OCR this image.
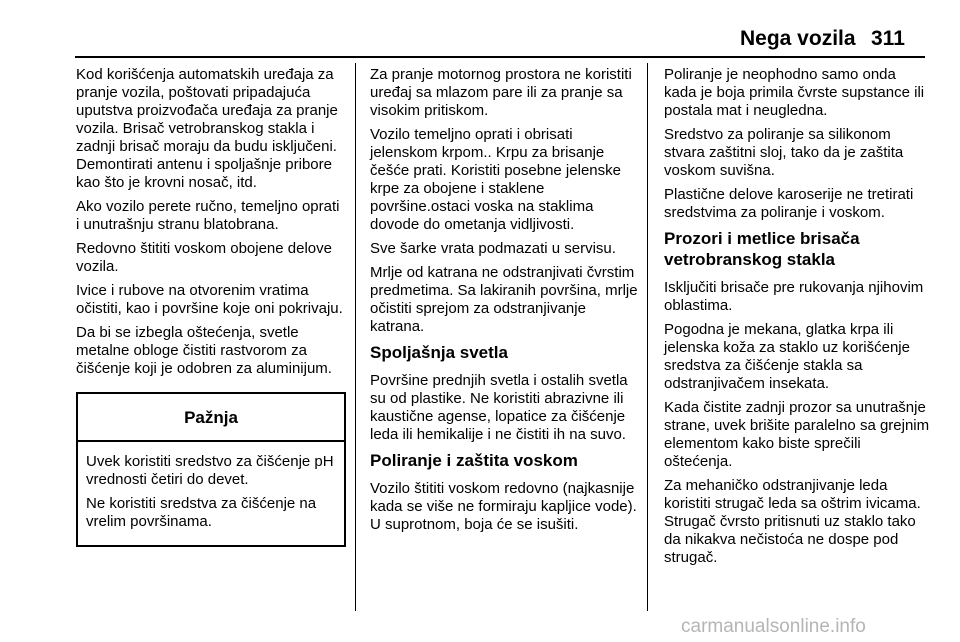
Nega vozila 311

Kod korišćenja automatskih uređaja za pranje vozila, poštovati pripadajuća uputstva proizvođača uređaja za pranje vozila. Brisač vetrobranskog stakla i zadnji brisač moraju da budu isključeni. Demontirati antenu i spoljašnje pribore kao što je krovni nosač, itd.

Ako vozilo perete ručno, temeljno oprati i unutrašnju stranu blatobrana.

Redovno štititi voskom obojene delove vozila.

Ivice i rubove na otvorenim vratima očistiti, kao i površine koje oni pokrivaju.

Da bi se izbegla oštećenja, svetle metalne obloge čistiti rastvorom za čišćenje koji je odobren za aluminijum.

Pažnja

Uvek koristiti sredstvo za čišćenje pH vrednosti četiri do devet.

Ne koristiti sredstva za čišćenje na vrelim površinama.

Za pranje motornog prostora ne koristiti uređaj sa mlazom pare ili za pranje sa visokim pritiskom.

Vozilo temeljno oprati i obrisati jelenskom krpom.. Krpu za brisanje češće prati. Koristiti posebne jelenske krpe za obojene i staklene površine.ostaci voska na staklima dovode do ometanja vidljivosti.

Sve šarke vrata podmazati u servisu.

Mrlje od katrana ne odstranjivati čvrstim predmetima. Sa lakiranih površina, mrlje očistiti sprejom za odstranjivanje katrana.

Spoljašnja svetla

Površine prednjih svetla i ostalih svetla su od plastike. Ne koristiti abrazivne ili kaustične agense, lopatice za čišćenje leda ili hemikalije i ne čistiti ih na suvo.

Poliranje i zaštita voskom

Vozilo štititi voskom redovno (najkasnije kada se više ne formiraju kapljice vode). U suprotnom, boja će se isušiti.

Poliranje je neophodno samo onda kada je boja primila čvrste supstance ili postala mat i neugledna.

Sredstvo za poliranje sa silikonom stvara zaštitni sloj, tako da je zaštita voskom suvišna.

Plastične delove karoserije ne tretirati sredstvima za poliranje i voskom.

Prozori i metlice brisača vetrobranskog stakla

Isključiti brisače pre rukovanja njihovim oblastima.

Pogodna je mekana, glatka krpa ili jelenska koža za staklo uz korišćenje sredstva za čišćenje stakla sa odstranjivačem insekata.

Kada čistite zadnji prozor sa unutrašnje strane, uvek brišite paralelno sa grejnim elementom kako biste sprečili oštećenja.

Za mehaničko odstranjivanje leda koristiti strugač leda sa oštrim ivicama. Strugač čvrsto pritisnuti uz staklo tako da nikakva nečistoća ne dospe pod strugač.

carmanualsonline.info
